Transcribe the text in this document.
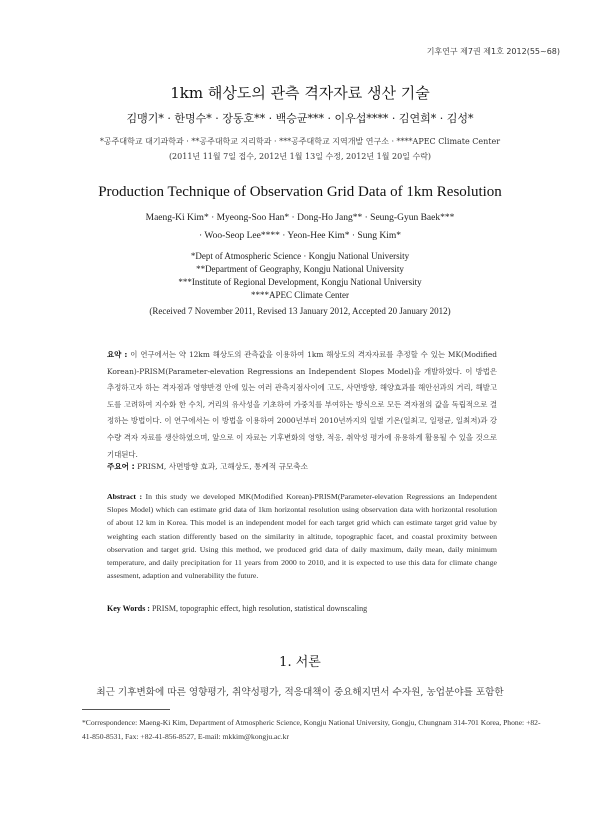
기후연구 제7권 제1호 2012(55~68)
1km 해상도의 관측 격자자료 생산 기술
김맹기* · 한명수* · 장동호** · 백승균*** · 이우섭**** · 김연희* · 김성*
*공주대학교 대기과학과 · **공주대학교 지리학과 · ***공주대학교 지역개발 연구소 · ****APEC Climate Center
(2011년 11월 7일 접수, 2012년 1월 13일 수정, 2012년 1월 20일 수락)
Production Technique of Observation Grid Data of 1km Resolution
Maeng-Ki Kim* · Myeong-Soo Han* · Dong-Ho Jang** · Seung-Gyun Baek***
· Woo-Seop Lee**** · Yeon-Hee Kim* · Sung Kim*
*Dept of Atmospheric Science · Kongju National University
**Department of Geography, Kongju National University
***Institute of Regional Development, Kongju National University
****APEC Climate Center
(Received 7 November 2011, Revised 13 January 2012, Accepted 20 January 2012)
요약 : 이 연구에서는 약 12km 해상도의 관측값을 이용하여 1km 해상도의 격자자료를 추정할 수 있는 MK(Modified Korean)-PRISM(Parameter-elevation Regressions an Independent Slopes Model)을 개발하였다. 이 방법은 추정하고자 하는 격자점과 영향반경 안에 있는 여러 관측지점사이에 고도, 사면방향, 해양효과를 해안선과의 거리, 해발고도를 고려하여 지수화 한 수치, 거리의 유사성을 기초하여 가중치를 부여하는 방식으로 모든 격자점의 값을 독립적으로 결정하는 방법이다. 이 연구에서는 이 방법을 이용하여 2000년부터 2010년까지의 일별 기온(일최고, 일평균, 일최저)과 강수량 격자 자료를 생산하였으며, 앞으로 이 자료는 기후변화의 영향, 적응, 취약성 평가에 유용하게 활용될 수 있을 것으로 기대된다.
주요어 : PRISM, 사면방향 효과, 고해상도, 통계적 규모축소
Abstract : In this study we developed MK(Modified Korean)-PRISM(Parameter-elevation Regressions an Independent Slopes Model) which can estimate grid data of 1km horizontal resolution using observation data with horizontal resolution of about 12 km in Korea. This model is an independent model for each target grid which can estimate target grid value by weighting each station differently based on the similarity in altitude, topographic facet, and coastal proximity between observation and target grid. Using this method, we produced grid data of daily maximum, daily mean, daily minimum temperature, and daily precipitation for 11 years from 2000 to 2010, and it is expected to use this data for climate change assesment, adaption and vulnerability the future.
Key Words : PRISM, topographic effect, high resolution, statistical downscaling
1. 서론
최근 기후변화에 따른 영향평가, 취약성평가, 적응대책이 중요해지면서 수자원, 농업분야를 포함한
*Correspondence: Maeng-Ki Kim, Department of Atmospheric Science, Kongju National University, Gongju, Chungnam 314-701 Korea, Phone: +82-41-850-8531, Fax: +82-41-856-8527, E-mail: mkkim@kongju.ac.kr
